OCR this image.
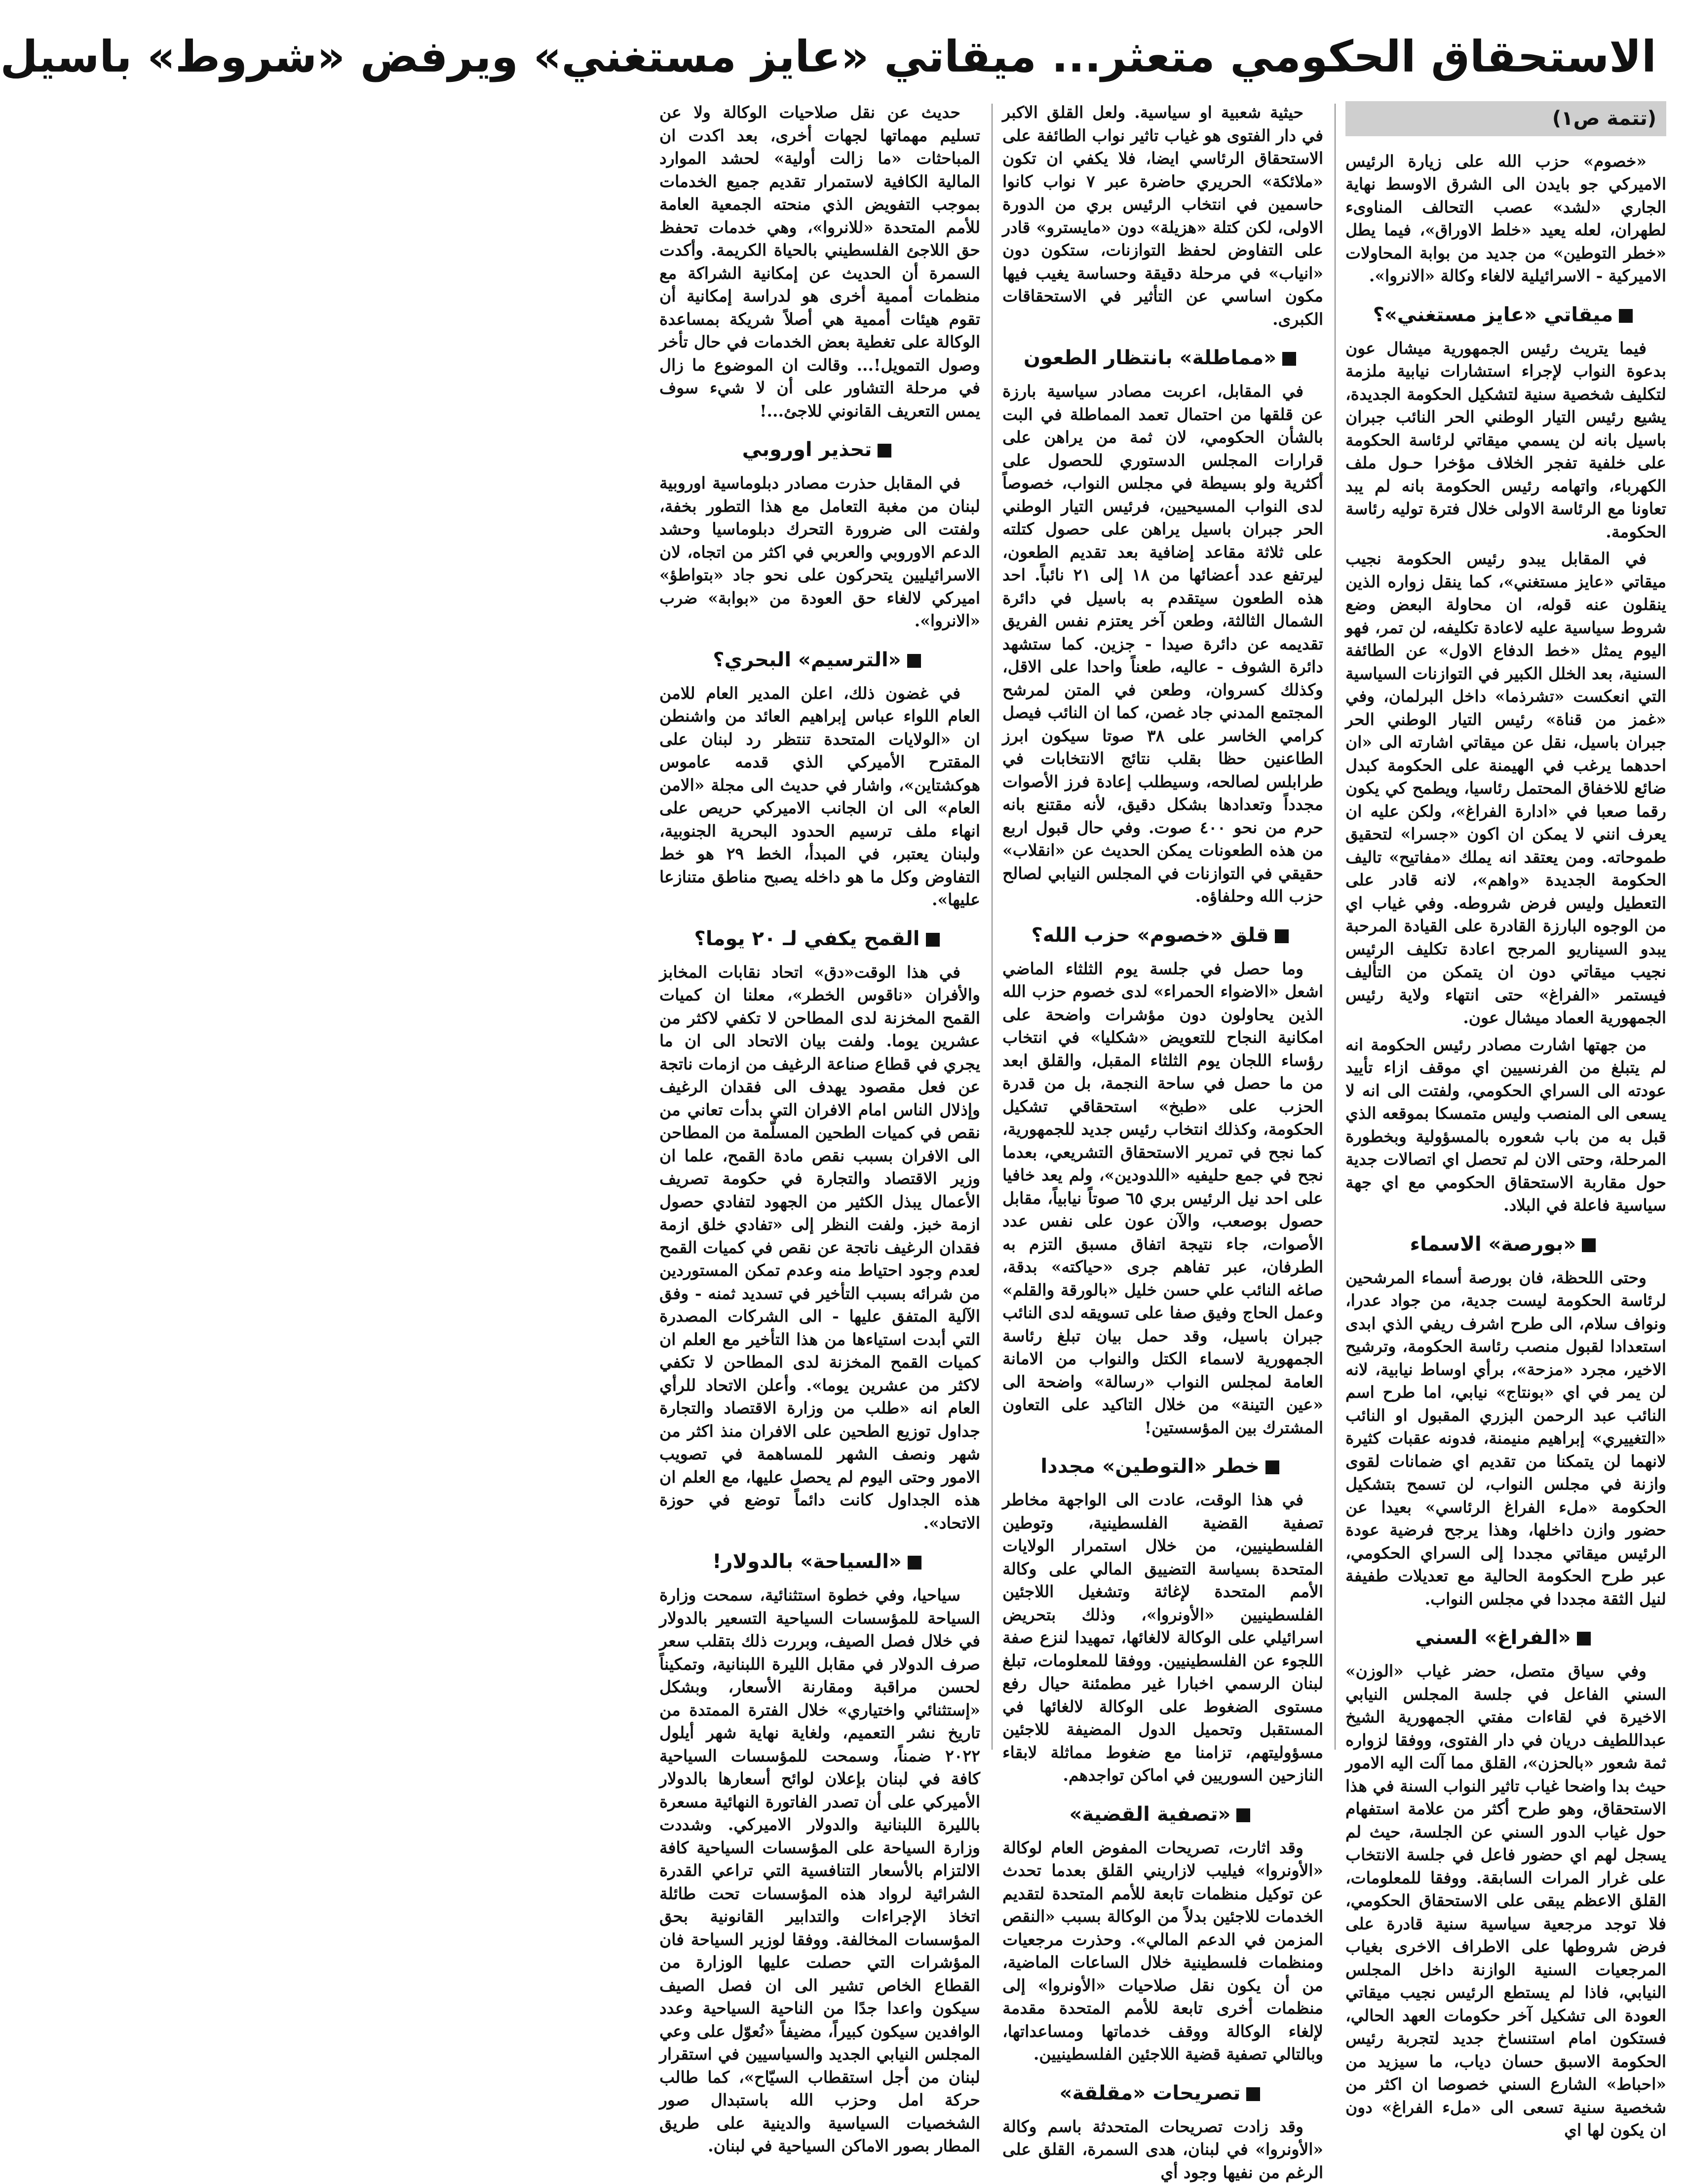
الاستحقاق الحكومي متعثر... ميقاتي «عايز مستغني» ويرفض «شروط» باسيل
(تتمة ص١)

«خصوم» حزب الله على زيارة الرئيس الاميركي جو بايدن الى الشرق الاوسط نهاية الجاري «لشد» عصب التحالف المناوىء لطهران، لعله يعيد «خلط الاوراق»، فيما يطل «خطر التوطين» من جديد من بوابة المحاولات الاميركية - الاسرائيلية لالغاء وكالة «الانروا».

ميقاتي «عايز مستغني»؟

فيما يتريث رئيس الجمهورية ميشال عون بدعوة النواب لإجراء استشارات نيابية ملزمة لتكليف شخصية سنية لتشكيل الحكومة الجديدة، يشيع رئيس التيار الوطني الحر النائب جبران باسيل بانه لن يسمي ميقاتي لرئاسة الحكومة على خلفية تفجر الخلاف مؤخرا حـول ملف الكهرباء، واتهامه رئيس الحكومة بانه لم يبد تعاونا مع الرئاسة الاولى خلال فترة توليه رئاسة الحكومة.

في المقابل يبدو رئيس الحكومة نجيب ميقاتي «عايز مستغني»، كما ينقل زواره الذين ينقلون عنه قوله، ان محاولة البعض وضع شروط سياسية عليه لاعادة تكليفه، لن تمر، فهو اليوم يمثل «خط الدفاع الاول» عن الطائفة السنية، بعد الخلل الكبير في التوازنات السياسية التي انعكست «تشرذما» داخل البرلمان، وفي «غمز من قناة» رئيس التيار الوطني الحر جبران باسيل، نقل عن ميقاتي اشارته الى «ان احدهما يرغب في الهيمنة على الحكومة كبدل ضائع للاخفاق المحتمل رئاسيا، ويطمح كي يكون رقما صعبا في «ادارة الفراغ»، ولكن عليه ان يعرف انني لا يمكن ان اكون «جسرا» لتحقيق طموحاته. ومن يعتقد انه يملك «مفاتيح» تاليف الحكومة الجديدة «واهم»، لانه قادر على التعطيل وليس فرض شروطه. وفي غياب اي من الوجوه البارزة القادرة على القيادة المرحبة يبدو السيناريو المرجح اعادة تكليف الرئيس نجيب ميقاتي دون ان يتمكن من التأليف فيستمر «الفراغ» حتى انتهاء ولاية رئيس الجمهورية العماد ميشال عون.

من جهتها اشارت مصادر رئيس الحكومة انه لم يتبلغ من الفرنسيين اي موقف ازاء تأييد عودته الى السراي الحكومي، ولفتت الى انه لا يسعى الى المنصب وليس متمسكا بموقعه الذي قبل به من باب شعوره بالمسؤولية وبخطورة المرحلة، وحتى الان لم تحصل اي اتصالات جدية حول مقاربة الاستحقاق الحكومي مع اي جهة سياسية فاعلة في البلاد.

«بورصة» الاسماء

وحتى اللحظة، فان بورصة أسماء المرشحين لرئاسة الحكومة ليست جدية، من جواد عدرا، ونواف سلام، الى طرح اشرف ريفي الذي ابدى استعدادا لقبول منصب رئاسة الحكومة، وترشيح الاخير، مجرد «مزحة»، برأي اوساط نيابية، لانه لن يمر في اي «بونتاج» نيابي، اما طرح اسم النائب عبد الرحمن البزري المقبول او النائب «التغييري» إبراهيم منيمنة، فدونه عقبات كثيرة لانهما لن يتمكنا من تقديم اي ضمانات لقوى وازنة في مجلس النواب، لن تسمح بتشكيل الحكومة «ملء الفراغ الرئاسي» بعيدا عن حضور وازن داخلها، وهذا يرجح فرضية عودة الرئيس ميقاتي مجددا إلى السراي الحكومي، عبر طرح الحكومة الحالية مع تعديلات طفيفة لنيل الثقة مجددا في مجلس النواب.

«الفراغ» السني

وفي سياق متصل، حضر غياب «الوزن» السني الفاعل في جلسة المجلس النيابي الاخيرة في لقاءات مفتي الجمهورية الشيخ عبداللطيف دريان في دار الفتوى، ووفقا لزواره ثمة شعور «بالحزن»، القلق مما آلت اليه الامور حيث بدا واضحا غياب تاثير النواب السنة في هذا الاستحقاق، وهو طرح أكثر من علامة استفهام حول غياب الدور السني عن الجلسة، حيث لم يسجل لهم اي حضور فاعل في جلسة الانتخاب على غرار المرات السابقة. ووفقا للمعلومات، القلق الاعظم يبقى على الاستحقاق الحكومي، فلا توجد مرجعية سياسية سنية قادرة على فرض شروطها على الاطراف الاخرى بغياب المرجعيات السنية الوازنة داخل المجلس النيابي، فاذا لم يستطع الرئيس نجيب ميقاتي العودة الى تشكيل آخر حكومات العهد الحالي، فستكون امام استنساخ جديد لتجربة رئيس الحكومة الاسبق حسان دياب، ما سيزيد من «احباط» الشارع السني خصوصا ان اكثر من شخصية سنية تسعى الى «ملء الفراغ» دون ان يكون لها اي

حيثية شعبية او سياسية. ولعل القلق الاكبر في دار الفتوى هو غياب تاثير نواب الطائفة على الاستحقاق الرئاسي ايضا، فلا يكفي ان تكون «ملائكة» الحريري حاضرة عبر ٧ نواب كانوا حاسمين في انتخاب الرئيس بري من الدورة الاولى، لكن كتلة «هزيلة» دون «مايسترو» قادر على التفاوض لحفظ التوازنات، ستكون دون «انياب» في مرحلة دقيقة وحساسة يغيب فيها مكون اساسي عن التأثير في الاستحقاقات الكبرى.

«مماطلة» بانتظار الطعون

في المقابل، اعربت مصادر سياسية بارزة عن قلقها من احتمال تعمد المماطلة في البت بالشأن الحكومي، لان ثمة من يراهن على قرارات المجلس الدستوري للحصول على أكثرية ولو بسيطة في مجلس النواب، خصوصاً لدى النواب المسيحيين، فرئيس التيار الوطني الحر جبران باسيل يراهن على حصول كتلته على ثلاثة مقاعد إضافية بعد تقديم الطعون، ليرتفع عدد أعضائها من ١٨ إلى ٢١ نائباً. احد هذه الطعون سيتقدم به باسيل في دائرة الشمال الثالثة، وطعن آخر يعتزم نفس الفريق تقديمه عن دائرة صيدا - جزين. كما ستشهد دائرة الشوف - عاليه، طعناً واحدا على الاقل، وكذلك كسروان، وطعن في المتن لمرشح المجتمع المدني جاد غصن، كما ان النائب فيصل كرامي الخاسر على ٣٨ صوتا سيكون ابرز الطاعنين حظا بقلب نتائج الانتخابات في طرابلس لصالحه، وسيطلب إعادة فرز الأصوات مجدداً وتعدادها بشكل دقيق، لأنه مقتنع بانه حرم من نحو ٤٠٠ صوت. وفي حال قبول اربع من هذه الطعونات يمكن الحديث عن «انقلاب» حقيقي في التوازنات في المجلس النيابي لصالح حزب الله وحلفاؤه.

قلق «خصوم» حزب الله؟

وما حصل في جلسة يوم الثلثاء الماضي اشعل «الاضواء الحمراء» لدى خصوم حزب الله الذين يحاولون دون مؤشرات واضحة على امكانية النجاح للتعويض «شكليا» في انتخاب رؤساء اللجان يوم الثلثاء المقبل، والقلق ابعد من ما حصل في ساحة النجمة، بل من قدرة الحزب على «طبخ» استحقاقي تشكيل الحكومة، وكذلك انتخاب رئيس جديد للجمهورية، كما نجح في تمرير الاستحقاق التشريعي، بعدما نجح في جمع حليفيه «اللدودين»، ولم يعد خافيا على احد نيل الرئيس بري ٦٥ صوتاً نيابياً، مقابل حصول بوصعب، والآن عون على نفس عدد الأصوات، جاء نتيجة اتفاق مسبق التزم به الطرفان، عبر تفاهم جرى «حياكته» بدقة، صاغه النائب علي حسن خليل «بالورقة والقلم» وعمل الحاج وفيق صفا على تسويقه لدى النائب جبران باسيل، وقد حمل بيان تبلغ رئاسة الجمهورية لاسماء الكتل والنواب من الامانة العامة لمجلس النواب «رسالة» واضحة الى «عين التينة» من خلال التاكيد على التعاون المشترك بين المؤسستين!

خطر «التوطين» مجددا

في هذا الوقت، عادت الى الواجهة مخاطر تصفية القضية الفلسطينية، وتوطين الفلسطينيين، من خلال استمرار الولايات المتحدة بسياسة التضييق المالي على وكالة الأمم المتحدة لإغاثة وتشغيل اللاجئين الفلسطينيين «الأونروا»، وذلك بتحريض اسرائيلي على الوكالة لالغائها، تمهيدا لنزع صفة اللجوء عن الفلسطينيين. ووفقا للمعلومات، تبلغ لبنان الرسمي اخبارا غير مطمئنة حيال رفع مستوى الضغوط على الوكالة لالغائها في المستقبل وتحميل الدول المضيفة للاجئين مسؤوليتهم، تزامنا مع ضغوط مماثلة لابقاء النازحين السوريين في اماكن تواجدهم.

«تصفية القضية»

وقد اثارت، تصريحات المفوض العام لوكالة «الأونروا» فيليب لازاريني القلق بعدما تحدث عن توكيل منظمات تابعة للأمم المتحدة لتقديم الخدمات للاجئين بدلاً من الوكالة بسبب «النقص المزمن في الدعم المالي». وحذرت مرجعيات ومنظمات فلسطينية خلال الساعات الماضية، من أن يكون نقل صلاحيات «الأونروا» إلى منظمات أخرى تابعة للأمم المتحدة مقدمة لإلغاء الوكالة ووقف خدماتها ومساعداتها، وبالتالي تصفية قضية اللاجئين الفلسطينيين.

تصريحات «مقلقة»

وقد زادت تصريحات المتحدثة باسم وكالة «الأونروا» في لبنان، هدى السمرة، القلق على الرغم من نفيها وجود أي

حديث عن نقل صلاحيات الوكالة ولا عن تسليم مهماتها لجهات أخرى، بعد اكدت ان المباحثات «ما زالت أولية» لحشد الموارد المالية الكافية لاستمرار تقديم جميع الخدمات بموجب التفويض الذي منحته الجمعية العامة للأمم المتحدة «للانروا»، وهي خدمات تحفظ حق اللاجئ الفلسطيني بالحياة الكريمة. وأكدت السمرة أن الحديث عن إمكانية الشراكة مع منظمات أممية أخرى هو لدراسة إمكانية أن تقوم هيئات أممية هي أصلاً شريكة بمساعدة الوكالة على تغطية بعض الخدمات في حال تأخر وصول التمويل!... وقالت ان الموضوع ما زال في مرحلة التشاور على أن لا شيء سوف يمس التعريف القانوني للاجئ...!

تحذير اوروبي

في المقابل حذرت مصادر دبلوماسية اوروبية لبنان من مغبة التعامل مع هذا التطور بخفة، ولفتت الى ضرورة التحرك دبلوماسيا وحشد الدعم الاوروبي والعربي في اكثر من اتجاه، لان الاسرائيليين يتحركون على نحو جاد «بتواطؤ» اميركي لالغاء حق العودة من «بوابة» ضرب «الانروا».

«الترسيم» البحري؟

في غضون ذلك، اعلن المدير العام للامن العام اللواء عباس إبراهيم العائد من واشنطن ان «الولايات المتحدة تنتظر رد لبنان على المقترح الأميركي الذي قدمه عاموس هوكشتاين»، واشار في حديث الى مجلة «الامن العام» الى ان الجانب الاميركي حريص على انهاء ملف ترسيم الحدود البحرية الجنوبية، ولبنان يعتبر، في المبدأ، الخط ٢٩ هو خط التفاوض وكل ما هو داخله يصبح مناطق متنازعا عليها».

القمح يكفي لـ ٢٠ يوما؟

في هذا الوقت«دق» اتحاد نقابات المخابز والأفران «ناقوس الخطر»، معلنا ان كميات القمح المخزنة لدى المطاحن لا تكفي لاكثر من عشرين يوما. ولفت بيان الاتحاد الى ان ما يجري في قطاع صناعة الرغيف من ازمات ناتجة عن فعل مقصود يهدف الى فقدان الرغيف وإذلال الناس امام الافران التي بدأت تعاني من نقص في كميات الطحين المسلّمة من المطاحن الى الافران بسبب نقص مادة القمح، علما ان وزير الاقتصاد والتجارة في حكومة تصريف الأعمال يبذل الكثير من الجهود لتفادي حصول ازمة خبز. ولفت النظر إلى «تفادي خلق ازمة فقدان الرغيف ناتجة عن نقص في كميات القمح لعدم وجود احتياط منه وعدم تمكن المستوردين من شرائه بسبب التأخير في تسديد ثمنه - وفق الآلية المتفق عليها - الى الشركات المصدرة التي أبدت استياءها من هذا التأخير مع العلم ان كميات القمح المخزنة لدى المطاحن لا تكفي لاكثر من عشرين يوما». وأعلن الاتحاد للرأي العام انه «طلب من وزارة الاقتصاد والتجارة جداول توزيع الطحين على الافران منذ اكثر من شهر ونصف الشهر للمساهمة في تصويب الامور وحتى اليوم لم يحصل عليها، مع العلم ان هذه الجداول كانت دائماً توضع في حوزة الاتحاد».

«السياحة» بالدولار!

سياحيا، وفي خطوة استثنائية، سمحت وزارة السياحة للمؤسسات السياحية التسعير بالدولار في خلال فصل الصيف، وبررت ذلك بتقلب سعر صرف الدولار في مقابل الليرة اللبنانية، وتمكيناً لحسن مراقبة ومقارنة الأسعار، وبشكل «إستثنائي واختياري» خلال الفترة الممتدة من تاريخ نشر التعميم، ولغاية نهاية شهر أيلول ٢٠٢٢ ضمناً، وسمحت للمؤسسات السياحية كافة في لبنان بإعلان لوائح أسعارها بالدولار الأميركي على أن تصدر الفاتورة النهائية مسعرة بالليرة اللبنانية والدولار الاميركي. وشددت وزارة السياحة على المؤسسات السياحية كافة الالتزام بالأسعار التنافسية التي تراعي القدرة الشرائية لرواد هذه المؤسسات تحت طائلة اتخاذ الإجراءات والتدابير القانونية بحق المؤسسات المخالفة. ووفقا لوزير السياحة فان المؤشرات التي حصلت عليها الوزارة من القطاع الخاص تشير الى ان فصل الصيف سيكون واعدا جدًا من الناحية السياحية وعدد الوافدين سيكون كبيراً، مضيفاً «نُعوّل على وعي المجلس النيابي الجديد والسياسيين في استقرار لبنان من أجل استقطاب السيّاح»، كما طالب حركة امل وحزب الله باستبدال صور الشخصيات السياسية والدينية على طريق المطار بصور الاماكن السياحية في لبنان.
